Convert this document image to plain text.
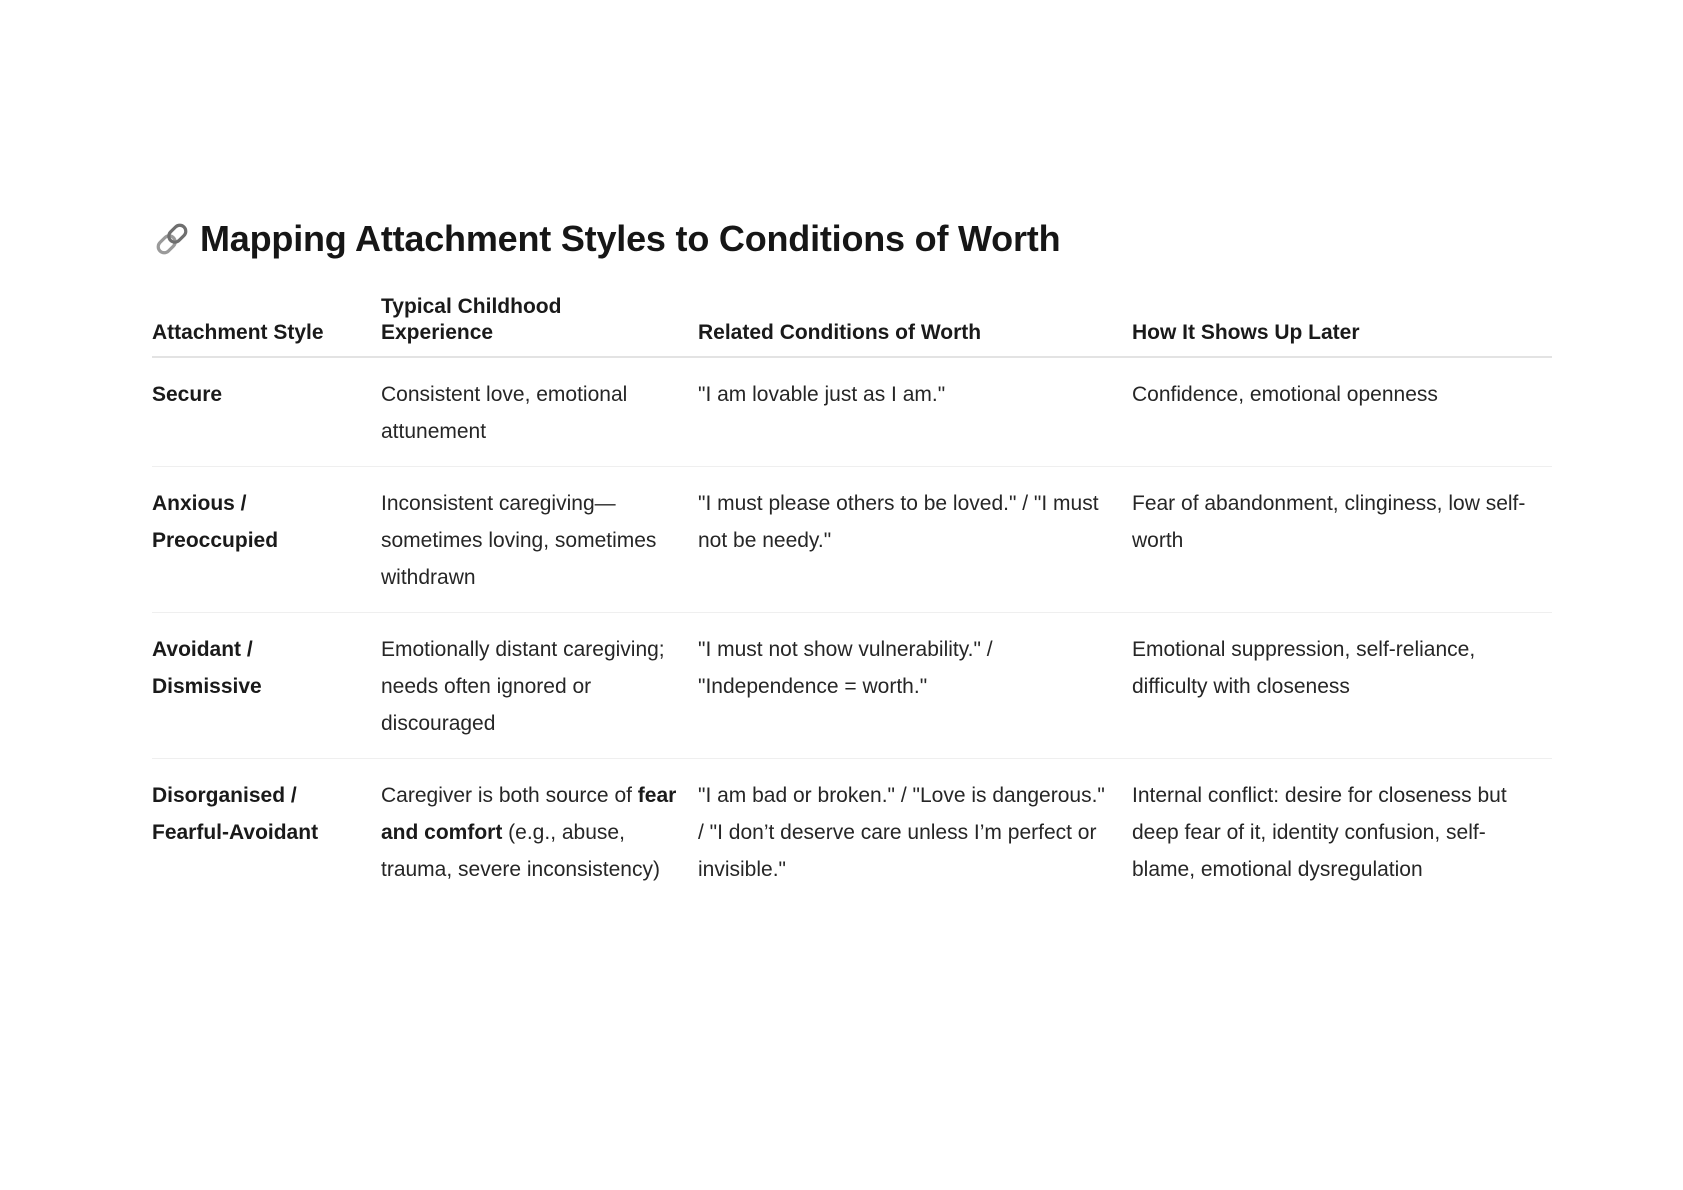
Mapping Attachment Styles to Conditions of Worth
Attachment Style	Typical Childhood Experience	Related Conditions of Worth	How It Shows Up Later
Secure	Consistent love, emotional attunement	"I am lovable just as I am."	Confidence, emotional openness
Anxious / Preoccupied	Inconsistent caregiving—sometimes loving, sometimes withdrawn	"I must please others to be loved." / "I must not be needy."	Fear of abandonment, clinginess, low self-worth
Avoidant / Dismissive	Emotionally distant caregiving; needs often ignored or discouraged	"I must not show vulnerability." / "Independence = worth."	Emotional suppression, self-reliance, difficulty with closeness
Disorganised / Fearful-Avoidant	Caregiver is both source of fear and comfort (e.g., abuse, trauma, severe inconsistency)	"I am bad or broken." / "Love is dangerous." / "I don’t deserve care unless I’m perfect or invisible."	Internal conflict: desire for closeness but deep fear of it, identity confusion, self-blame, emotional dysregulation
